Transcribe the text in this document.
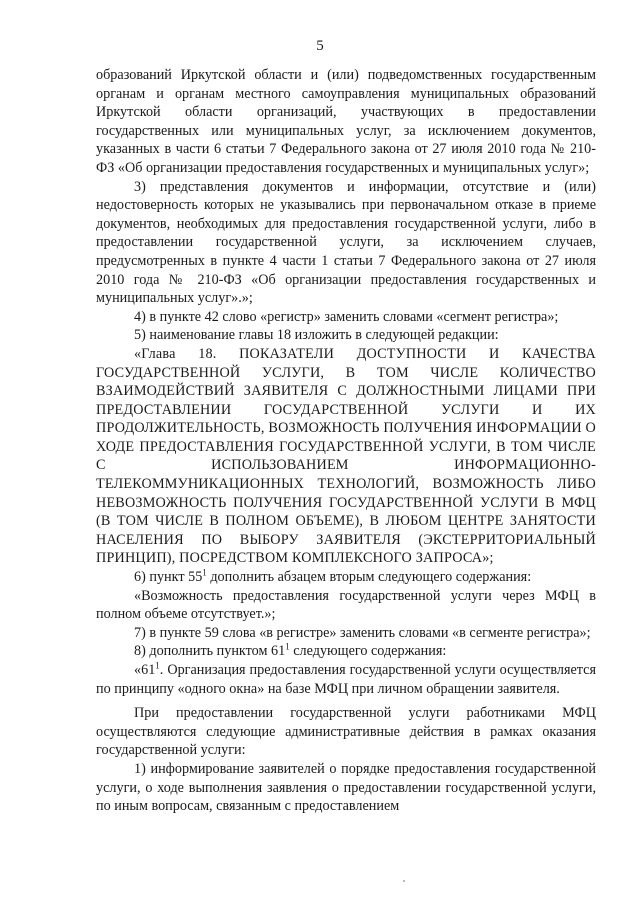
5

образований Иркутской области и (или) подведомственных государственным органам и органам местного самоуправления муниципальных образований Иркутской области организаций, участвующих в предоставлении государственных или муниципальных услуг, за исключением документов, указанных в части 6 статьи 7 Федерального закона от 27 июля 2010 года № 210-ФЗ «Об организации предоставления государственных и муниципальных услуг»;

3) представления документов и информации, отсутствие и (или) недостоверность которых не указывались при первоначальном отказе в приеме документов, необходимых для предоставления государственной услуги, либо в предоставлении государственной услуги, за исключением случаев, предусмотренных в пункте 4 части 1 статьи 7 Федерального закона от 27 июля 2010 года № 210-ФЗ «Об организации предоставления государственных и муниципальных услуг».»;

4) в пункте 42 слово «регистр» заменить словами «сегмент регистра»;

5) наименование главы 18 изложить в следующей редакции:

«Глава 18. ПОКАЗАТЕЛИ ДОСТУПНОСТИ И КАЧЕСТВА ГОСУДАРСТВЕННОЙ УСЛУГИ, В ТОМ ЧИСЛЕ КОЛИЧЕСТВО ВЗАИМОДЕЙСТВИЙ ЗАЯВИТЕЛЯ С ДОЛЖНОСТНЫМИ ЛИЦАМИ ПРИ ПРЕДОСТАВЛЕНИИ ГОСУДАРСТВЕННОЙ УСЛУГИ И ИХ ПРОДОЛЖИТЕЛЬНОСТЬ, ВОЗМОЖНОСТЬ ПОЛУЧЕНИЯ ИНФОРМАЦИИ О ХОДЕ ПРЕДОСТАВЛЕНИЯ ГОСУДАРСТВЕННОЙ УСЛУГИ, В ТОМ ЧИСЛЕ С ИСПОЛЬЗОВАНИЕМ ИНФОРМАЦИОННО-ТЕЛЕКОММУНИКАЦИОННЫХ ТЕХНОЛОГИЙ, ВОЗМОЖНОСТЬ ЛИБО НЕВОЗМОЖНОСТЬ ПОЛУЧЕНИЯ ГОСУДАРСТВЕННОЙ УСЛУГИ В МФЦ (В ТОМ ЧИСЛЕ В ПОЛНОМ ОБЪЕМЕ), В ЛЮБОМ ЦЕНТРЕ ЗАНЯТОСТИ НАСЕЛЕНИЯ ПО ВЫБОРУ ЗАЯВИТЕЛЯ (ЭКСТЕРРИТОРИАЛЬНЫЙ ПРИНЦИП), ПОСРЕДСТВОМ КОМПЛЕКСНОГО ЗАПРОСА»;

6) пункт $55^1$ дополнить абзацем вторым следующего содержания:

«Возможность предоставления государственной услуги через МФЦ в полном объеме отсутствует.»;

7) в пункте 59 слова «в регистре» заменить словами «в сегменте регистра»;

8) дополнить пунктом $61^1$ следующего содержания:

«$61^1$. Организация предоставления государственной услуги осуществляется по принципу «одного окна» на базе МФЦ при личном обращении заявителя.

При предоставлении государственной услуги работниками МФЦ осуществляются следующие административные действия в рамках оказания государственной услуги:

1) информирование заявителей о порядке предоставления государственной услуги, о ходе выполнения заявления о предоставлении государственной услуги, по иным вопросам, связанным с предоставлением
